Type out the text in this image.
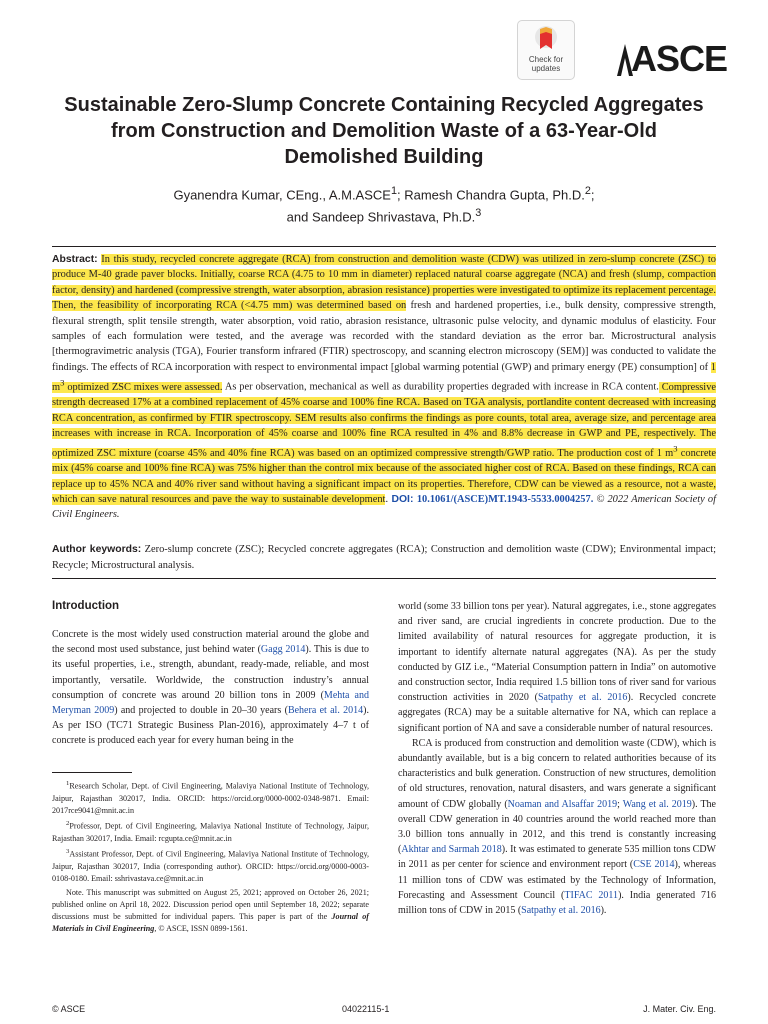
Check for
updates	ASCE
Sustainable Zero-Slump Concrete Containing Recycled Aggregates from Construction and Demolition Waste of a 63-Year-Old Demolished Building

Gyanendra Kumar, CEng., A.M.ASCE$^1$; Ramesh Chandra Gupta, Ph.D.$^2$;
and Sandeep Shrivastava, Ph.D.$^3$

Abstract: In this study, recycled concrete aggregate (RCA) from construction and demolition waste (CDW) was utilized in zero-slump concrete (ZSC) to produce M-40 grade paver blocks. Initially, coarse RCA (4.75 to 10 mm in diameter) replaced natural coarse aggregate (NCA) and fresh (slump, compaction factor, density) and hardened (compressive strength, water absorption, abrasion resistance) properties were investigated to optimize its replacement percentage. Then, the feasibility of incorporating RCA (<4.75 mm) was determined based on fresh and hardened properties, i.e., bulk density, compressive strength, flexural strength, split tensile strength, water absorption, void ratio, abrasion resistance, ultrasonic pulse velocity, and dynamic modulus of elasticity. Four samples of each formulation were tested, and the average was recorded with the standard deviation as the error bar. Microstructural analysis [thermogravimetric analysis (TGA), Fourier transform infrared (FTIR) spectroscopy, and scanning electron microscopy (SEM)] was conducted to validate the findings. The effects of RCA incorporation with respect to environmental impact [global warming potential (GWP) and primary energy (PE) consumption] of 1 $m^3$ optimized ZSC mixes were assessed. As per observation, mechanical as well as durability properties degraded with increase in RCA content. Compressive strength decreased 17% at a combined replacement of 45% coarse and 100% fine RCA. Based on TGA analysis, portlandite content decreased with increasing RCA concentration, as confirmed by FTIR spectroscopy. SEM results also confirms the findings as pore counts, total area, average size, and percentage area increases with increase in RCA. Incorporation of 45% coarse and 100% fine RCA resulted in 4% and 8.8% decrease in GWP and PE, respectively. The optimized ZSC mixture (coarse 45% and 40% fine RCA) was based on an optimized compressive strength/GWP ratio. The production cost of 1 $m^3$ concrete mix (45% coarse and 100% fine RCA) was 75% higher than the control mix because of the associated higher cost of RCA. Based on these findings, RCA can replace up to 45% NCA and 40% river sand without having a significant impact on its properties. Therefore, CDW can be viewed as a resource, not a waste, which can save natural resources and pave the way to sustainable development. DOI: 10.1061/(ASCE)MT.1943-5533.0004257. © 2022 American Society of Civil Engineers.

Author keywords: Zero-slump concrete (ZSC); Recycled concrete aggregates (RCA); Construction and demolition waste (CDW); Environmental impact; Recycle; Microstructural analysis.

Introduction

Concrete is the most widely used construction material around the globe and the second most used substance, just behind water (Gagg 2014). This is due to its useful properties, i.e., strength, abundant, ready-made, reliable, and most importantly, versatile. Worldwide, the construction industry’s annual consumption of concrete was around 20 billion tons in 2009 (Mehta and Meryman 2009) and projected to double in 20–30 years (Behera et al. 2014). As per ISO (TC71 Strategic Business Plan-2016), approximately 4–7 t of concrete is produced each year for every human being in the

$^1$Research Scholar, Dept. of Civil Engineering, Malaviya National Institute of Technology, Jaipur, Rajasthan 302017, India. ORCID: https://orcid.org/0000-0002-0348-9871. Email: 2017rce9041@mnit.ac.in

$^2$Professor, Dept. of Civil Engineering, Malaviya National Institute of Technology, Jaipur, Rajasthan 302017, India. Email: rcgupta.ce@mnit.ac.in

$^3$Assistant Professor, Dept. of Civil Engineering, Malaviya National Institute of Technology, Jaipur, Rajasthan 302017, India (corresponding author). ORCID: https://orcid.org/0000-0003-0108-0180. Email: sshrivastava.ce@mnit.ac.in

Note. This manuscript was submitted on August 25, 2021; approved on October 26, 2021; published online on April 18, 2022. Discussion period open until September 18, 2022; separate discussions must be submitted for individual papers. This paper is part of the Journal of Materials in Civil Engineering, © ASCE, ISSN 0899-1561.

world (some 33 billion tons per year). Natural aggregates, i.e., stone aggregates and river sand, are crucial ingredients in concrete production. Due to the limited availability of natural resources for aggregate production, it is important to identify alternate natural aggregates (NA). As per the study conducted by GIZ i.e., “Material Consumption pattern in India” on automotive and construction sector, India required 1.5 billion tons of river sand for various construction activities in 2020 (Satpathy et al. 2016). Recycled concrete aggregates (RCA) may be a suitable alternative for NA, which can replace a significant portion of NA and save a considerable number of natural resources.

RCA is produced from construction and demolition waste (CDW), which is abundantly available, but is a big concern to related authorities because of its characteristics and bulk generation. Construction of new structures, demolition of old structures, renovation, natural disasters, and wars generate a significant amount of CDW globally (Noaman and Alsaffar 2019; Wang et al. 2019). The overall CDW generation in 40 countries around the world reached more than 3.0 billion tons annually in 2012, and this trend is constantly increasing (Akhtar and Sarmah 2018). It was estimated to generate 535 million tons CDW in 2011 as per center for science and environment report (CSE 2014), whereas 11 million tons of CDW was estimated by the Technology of Information, Forecasting and Assessment Council (TIFAC 2011). India generated 716 million tons of CDW in 2015 (Satpathy et al. 2016).

© ASCE	04022115-1	J. Mater. Civ. Eng.
